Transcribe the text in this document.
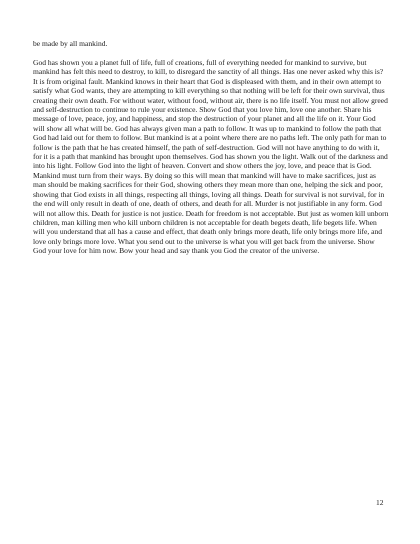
be made by all mankind.

God has shown you a planet full of life, full of creations, full of everything needed for mankind to survive, but mankind has felt this need to destroy, to kill, to disregard the sanctity of all things. Has one never asked why this is? It is from original fault. Mankind knows in their heart that God is displeased with them, and in their own attempt to satisfy what God wants, they are attempting to kill everything so that nothing will be left for their own survival, thus creating their own death. For without water, without food, without air, there is no life itself. You must not allow greed and self-destruction to continue to rule your existence. Show God that you love him, love one another. Share his message of love, peace, joy, and happiness, and stop the destruction of your planet and all the life on it. Your God will show all what will be. God has always given man a path to follow. It was up to mankind to follow the path that God had laid out for them to follow. But mankind is at a point where there are no paths left. The only path for man to follow is the path that he has created himself, the path of self-destruction. God will not have anything to do with it, for it is a path that mankind has brought upon themselves. God has shown you the light. Walk out of the darkness and into his light. Follow God into the light of heaven. Convert and show others the joy, love, and peace that is God. Mankind must turn from their ways. By doing so this will mean that mankind will have to make sacrifices, just as man should be making sacrifices for their God, showing others they mean more than one, helping the sick and poor, showing that God exists in all things, respecting all things, loving all things. Death for survival is not survival, for in the end will only result in death of one, death of others, and death for all. Murder is not justifiable in any form. God will not allow this. Death for justice is not justice. Death for freedom is not acceptable. But just as women kill unborn children, man killing men who kill unborn children is not acceptable for death begets death, life begets life. When will you understand that all has a cause and effect, that death only brings more death, life only brings more life, and love only brings more love. What you send out to the universe is what you will get back from the universe. Show God your love for him now. Bow your head and say thank you God the creator of the universe.

12
